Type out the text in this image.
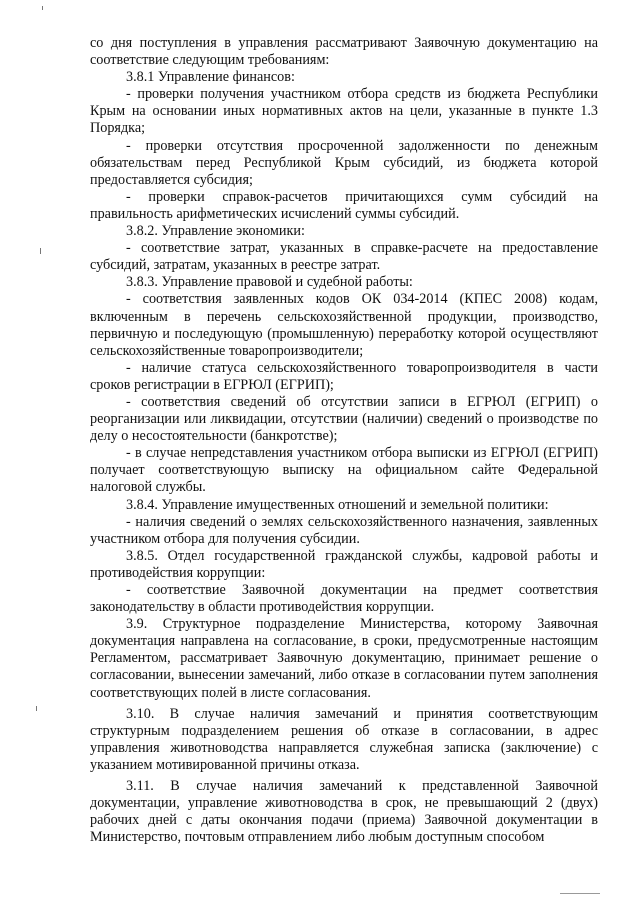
со дня поступления в управления рассматривают Заявочную документацию на соответствие следующим требованиям:

3.8.1 Управление финансов:

- проверки получения участником отбора средств из бюджета Республики Крым на основании иных нормативных актов на цели, указанные в пункте 1.3 Порядка;

- проверки отсутствия просроченной задолженности по денежным обязательствам перед Республикой Крым субсидий, из бюджета которой предоставляется субсидия;

- проверки справок-расчетов причитающихся сумм субсидий на правильность арифметических исчислений суммы субсидий.

3.8.2. Управление экономики:

- соответствие затрат, указанных в справке-расчете на предоставление субсидий, затратам, указанных в реестре затрат.

3.8.3. Управление правовой и судебной работы:

- соответствия заявленных кодов ОК 034-2014 (КПЕС 2008) кодам, включенным в перечень сельскохозяйственной продукции, производство, первичную и последующую (промышленную) переработку которой осуществляют сельскохозяйственные товаропроизводители;

- наличие статуса сельскохозяйственного товаропроизводителя в части сроков регистрации в ЕГРЮЛ (ЕГРИП);

- соответствия сведений об отсутствии записи в ЕГРЮЛ (ЕГРИП) о реорганизации или ликвидации, отсутствии (наличии) сведений о производстве по делу о несостоятельности (банкротстве);

- в случае непредставления участником отбора выписки из ЕГРЮЛ (ЕГРИП) получает соответствующую выписку на официальном сайте Федеральной налоговой службы.

3.8.4. Управление имущественных отношений и земельной политики:

- наличия сведений о землях сельскохозяйственного назначения, заявленных участником отбора для получения субсидии.

3.8.5. Отдел государственной гражданской службы, кадровой работы и противодействия коррупции:

- соответствие Заявочной документации на предмет соответствия законодательству в области противодействия коррупции.

3.9. Структурное подразделение Министерства, которому Заявочная документация направлена на согласование, в сроки, предусмотренные настоящим Регламентом, рассматривает Заявочную документацию, принимает решение о согласовании, вынесении замечаний, либо отказе в согласовании путем заполнения соответствующих полей в листе согласования.

3.10. В случае наличия замечаний и принятия соответствующим структурным подразделением решения об отказе в согласовании, в адрес управления животноводства направляется служебная записка (заключение) с указанием мотивированной причины отказа.

3.11. В случае наличия замечаний к представленной Заявочной документации, управление животноводства в срок, не превышающий 2 (двух) рабочих дней с даты окончания подачи (приема) Заявочной документации в Министерство, почтовым отправлением либо любым доступным способом
